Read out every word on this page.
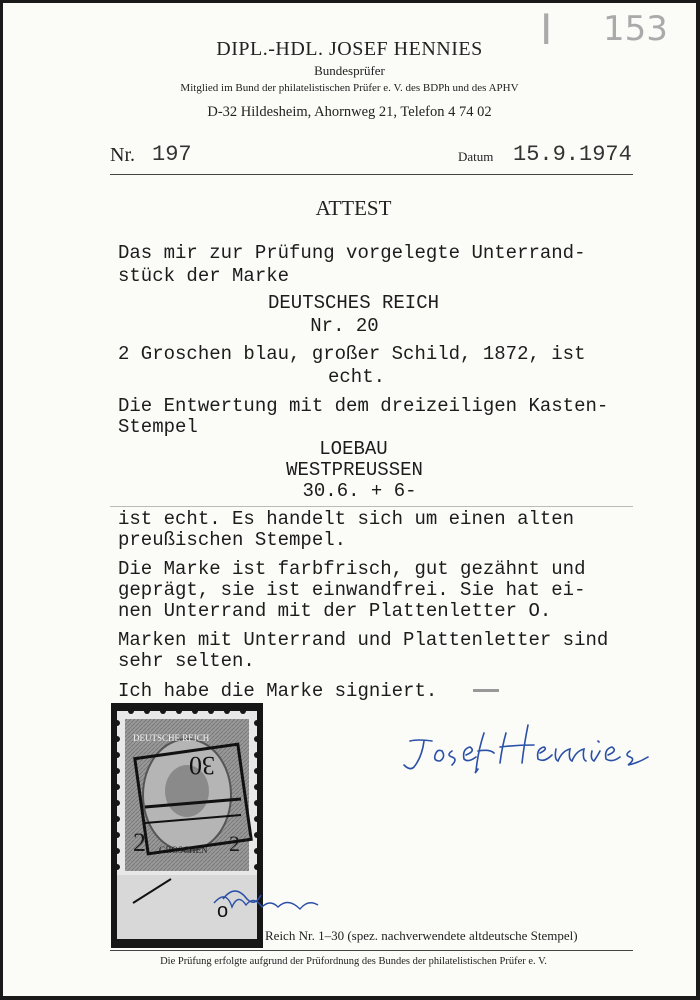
I 153
DIPL.-HDL. JOSEF HENNIES
Bundesprüfer
Mitglied im Bund der philatelistischen Prüfer e. V. des BDPh und des APHV
D-32 Hildesheim, Ahornweg 21, Telefon 4 74 02
Nr. 197	Datum 15.9.1974
ATTEST
Das mir zur Prüfung vorgelegte Unterrand-
stück der Marke
DEUTSCHES REICH
Nr. 20
2 Groschen blau, großer Schild, 1872, ist
echt.
Die Entwertung mit dem dreizeiligen Kasten-
Stempel
LOEBAU
WESTPREUSSEN
30.6. + 6-
ist echt. Es handelt sich um einen alten
preußischen Stempel.
Die Marke ist farbfrisch, gut gezähnt und
geprägt, sie ist einwandfrei. Sie hat ei-
nen Unterrand mit der Plattenletter O.
Marken mit Unterrand und Plattenletter sind
sehr selten.
Ich habe die Marke signiert.
DEUTSCHE REICH
2	2
GROSCHEN
30
o
Reich Nr. 1–30 (spez. nachverwendete altdeutsche Stempel)
Die Prüfung erfolgte aufgrund der Prüfordnung des Bundes der philatelistischen Prüfer e. V.
